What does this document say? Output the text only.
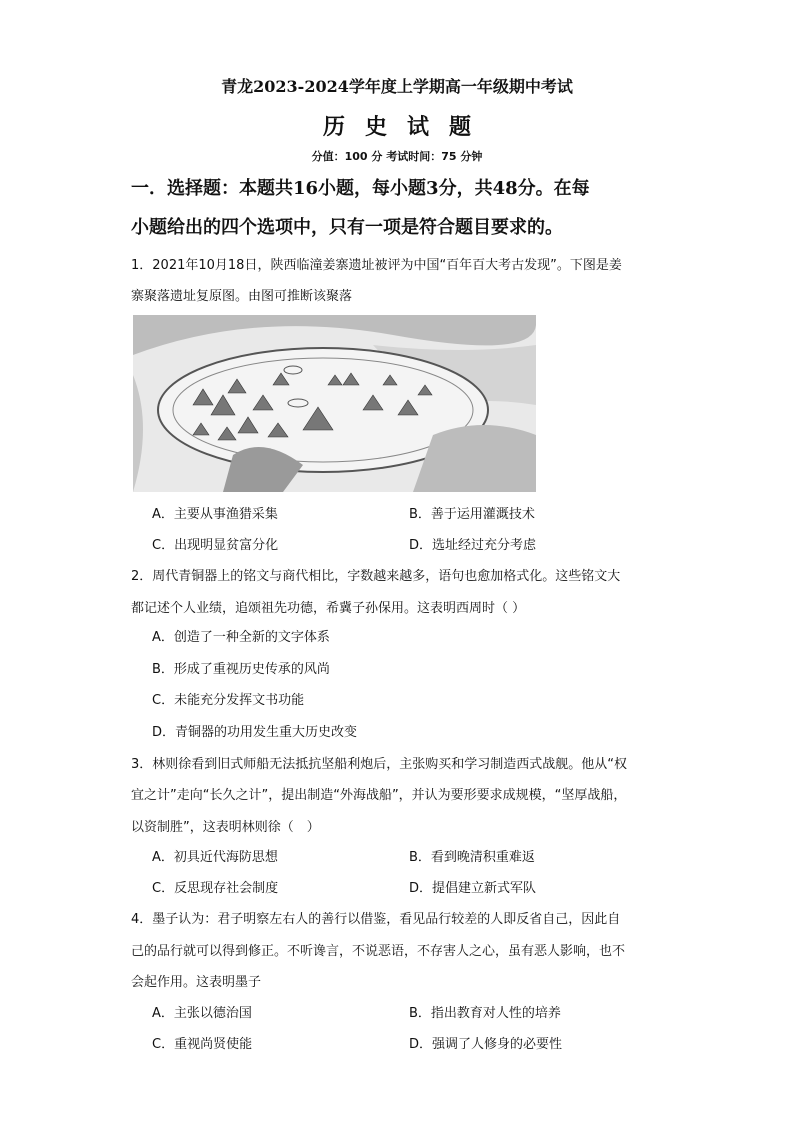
青龙2023-2024学年度上学期高一年级期中考试
历史试题
分值：100 分 考试时间：75 分钟
一．选择题：本题共16小题，每小题3分，共48分。在每
小题给出的四个选项中，只有一项是符合题目要求的。
1．2021年10月18日，陕西临潼姜寨遗址被评为中国“百年百大考古发现”。下图是姜
寨聚落遗址复原图。由图可推断该聚落
A．主要从事渔猎采集	B．善于运用灌溉技术
C．出现明显贫富分化	D．选址经过充分考虑
2．周代青铜器上的铭文与商代相比，字数越来越多，语句也愈加格式化。这些铭文大
都记述个人业绩，追颂祖先功德，希冀子孙保用。这表明西周时（ ）
A．创造了一种全新的文字体系
B．形成了重视历史传承的风尚
C．未能充分发挥文书功能
D．青铜器的功用发生重大历史改变
3．林则徐看到旧式师船无法抵抗坚船利炮后，主张购买和学习制造西式战舰。他从“权
宜之计”走向“长久之计”，提出制造“外海战船”，并认为要形要求成规模，“坚厚战船，
以资制胜”，这表明林则徐（　）
A．初具近代海防思想	B．看到晚清积重难返
C．反思现存社会制度	D．提倡建立新式军队
4．墨子认为：君子明察左右人的善行以借鉴，看见品行较差的人即反省自己，因此自
己的品行就可以得到修正。不听谗言，不说恶语，不存害人之心，虽有恶人影响，也不
会起作用。这表明墨子
A．主张以德治国	B．指出教育对人性的培养
C．重视尚贤使能	D．强调了人修身的必要性
